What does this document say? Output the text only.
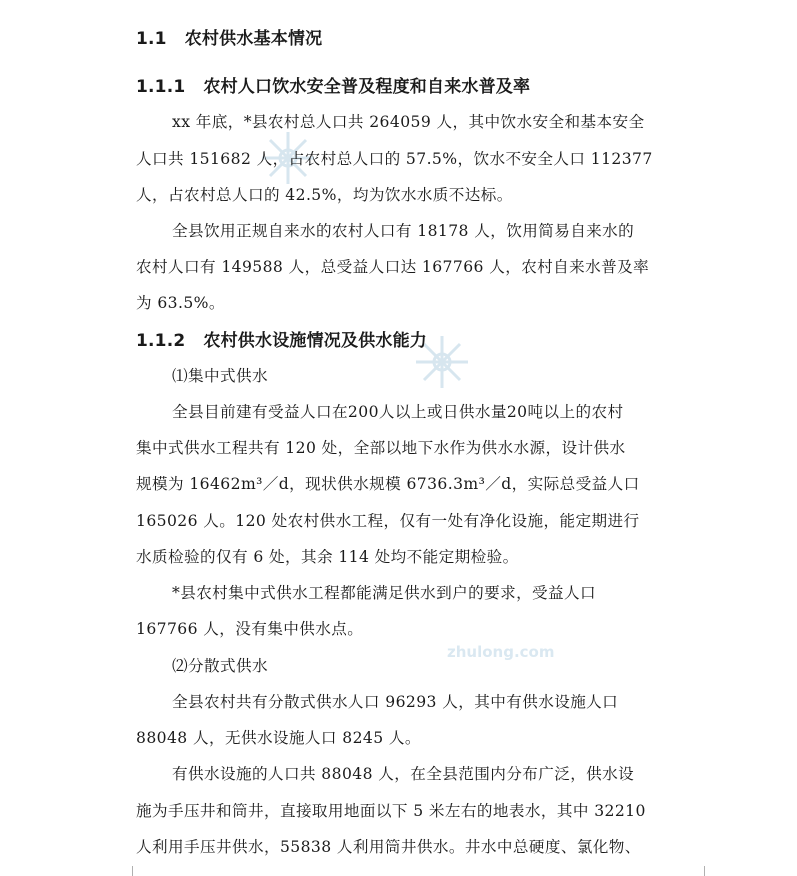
zhulong.com
1.1 农村供水基本情况
1.1.1 农村人口饮水安全普及程度和自来水普及率
xx 年底，*县农村总人口共 264059 人，其中饮水安全和基本安全
人口共 151682 人，占农村总人口的 57.5%，饮水不安全人口 112377
人，占农村总人口的 42.5%，均为饮水水质不达标。
全县饮用正规自来水的农村人口有 18178 人，饮用简易自来水的
农村人口有 149588 人，总受益人口达 167766 人，农村自来水普及率
为 63.5%。
1.1.2 农村供水设施情况及供水能力
⑴集中式供水
全县目前建有受益人口在200人以上或日供水量20吨以上的农村
集中式供水工程共有 120 处，全部以地下水作为供水水源，设计供水
规模为 16462m³／d，现状供水规模 6736.3m³／d，实际总受益人口
165026 人。120 处农村供水工程，仅有一处有净化设施，能定期进行
水质检验的仅有 6 处，其余 114 处均不能定期检验。
*县农村集中式供水工程都能满足供水到户的要求，受益人口
167766 人，没有集中供水点。
⑵分散式供水
全县农村共有分散式供水人口 96293 人，其中有供水设施人口
88048 人，无供水设施人口 8245 人。
有供水设施的人口共 88048 人，在全县范围内分布广泛，供水设
施为手压井和筒井，直接取用地面以下 5 米左右的地表水，其中 32210
人利用手压井供水，55838 人利用筒井供水。井水中总硬度、氯化物、
